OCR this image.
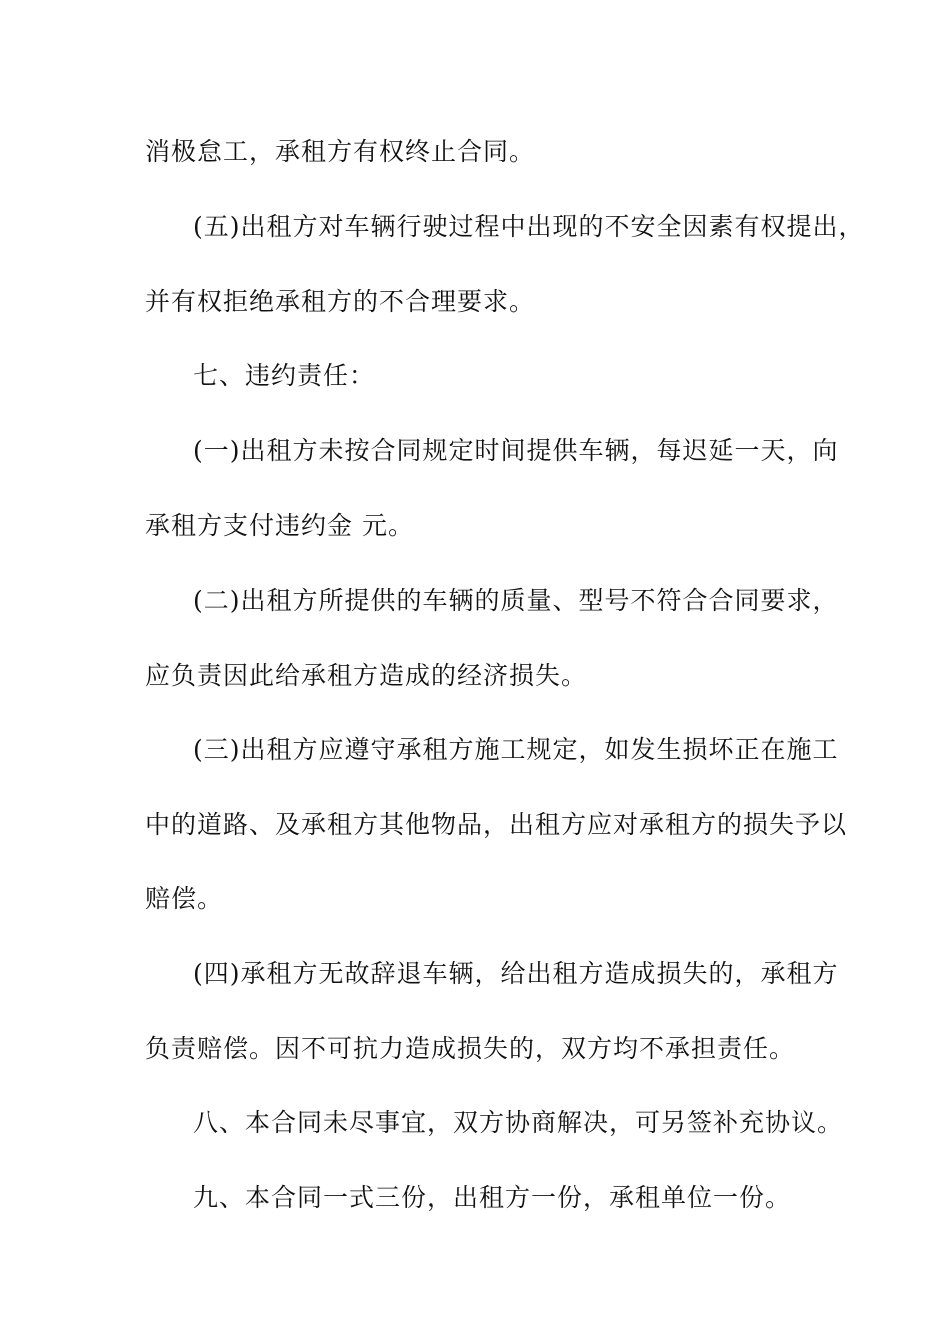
消极怠工，承租方有权终止合同。
(五)出租方对车辆行驶过程中出现的不安全因素有权提出，
并有权拒绝承租方的不合理要求。
七、违约责任：
(一)出租方未按合同规定时间提供车辆，每迟延一天，向
承租方支付违约金 元。
(二)出租方所提供的车辆的质量、型号不符合合同要求，
应负责因此给承租方造成的经济损失。
(三)出租方应遵守承租方施工规定，如发生损坏正在施工
中的道路、及承租方其他物品，出租方应对承租方的损失予以
赔偿。
(四)承租方无故辞退车辆，给出租方造成损失的，承租方
负责赔偿。因不可抗力造成损失的，双方均不承担责任。
八、本合同未尽事宜，双方协商解决，可另签补充协议。
九、本合同一式三份，出租方一份，承租单位一份。
